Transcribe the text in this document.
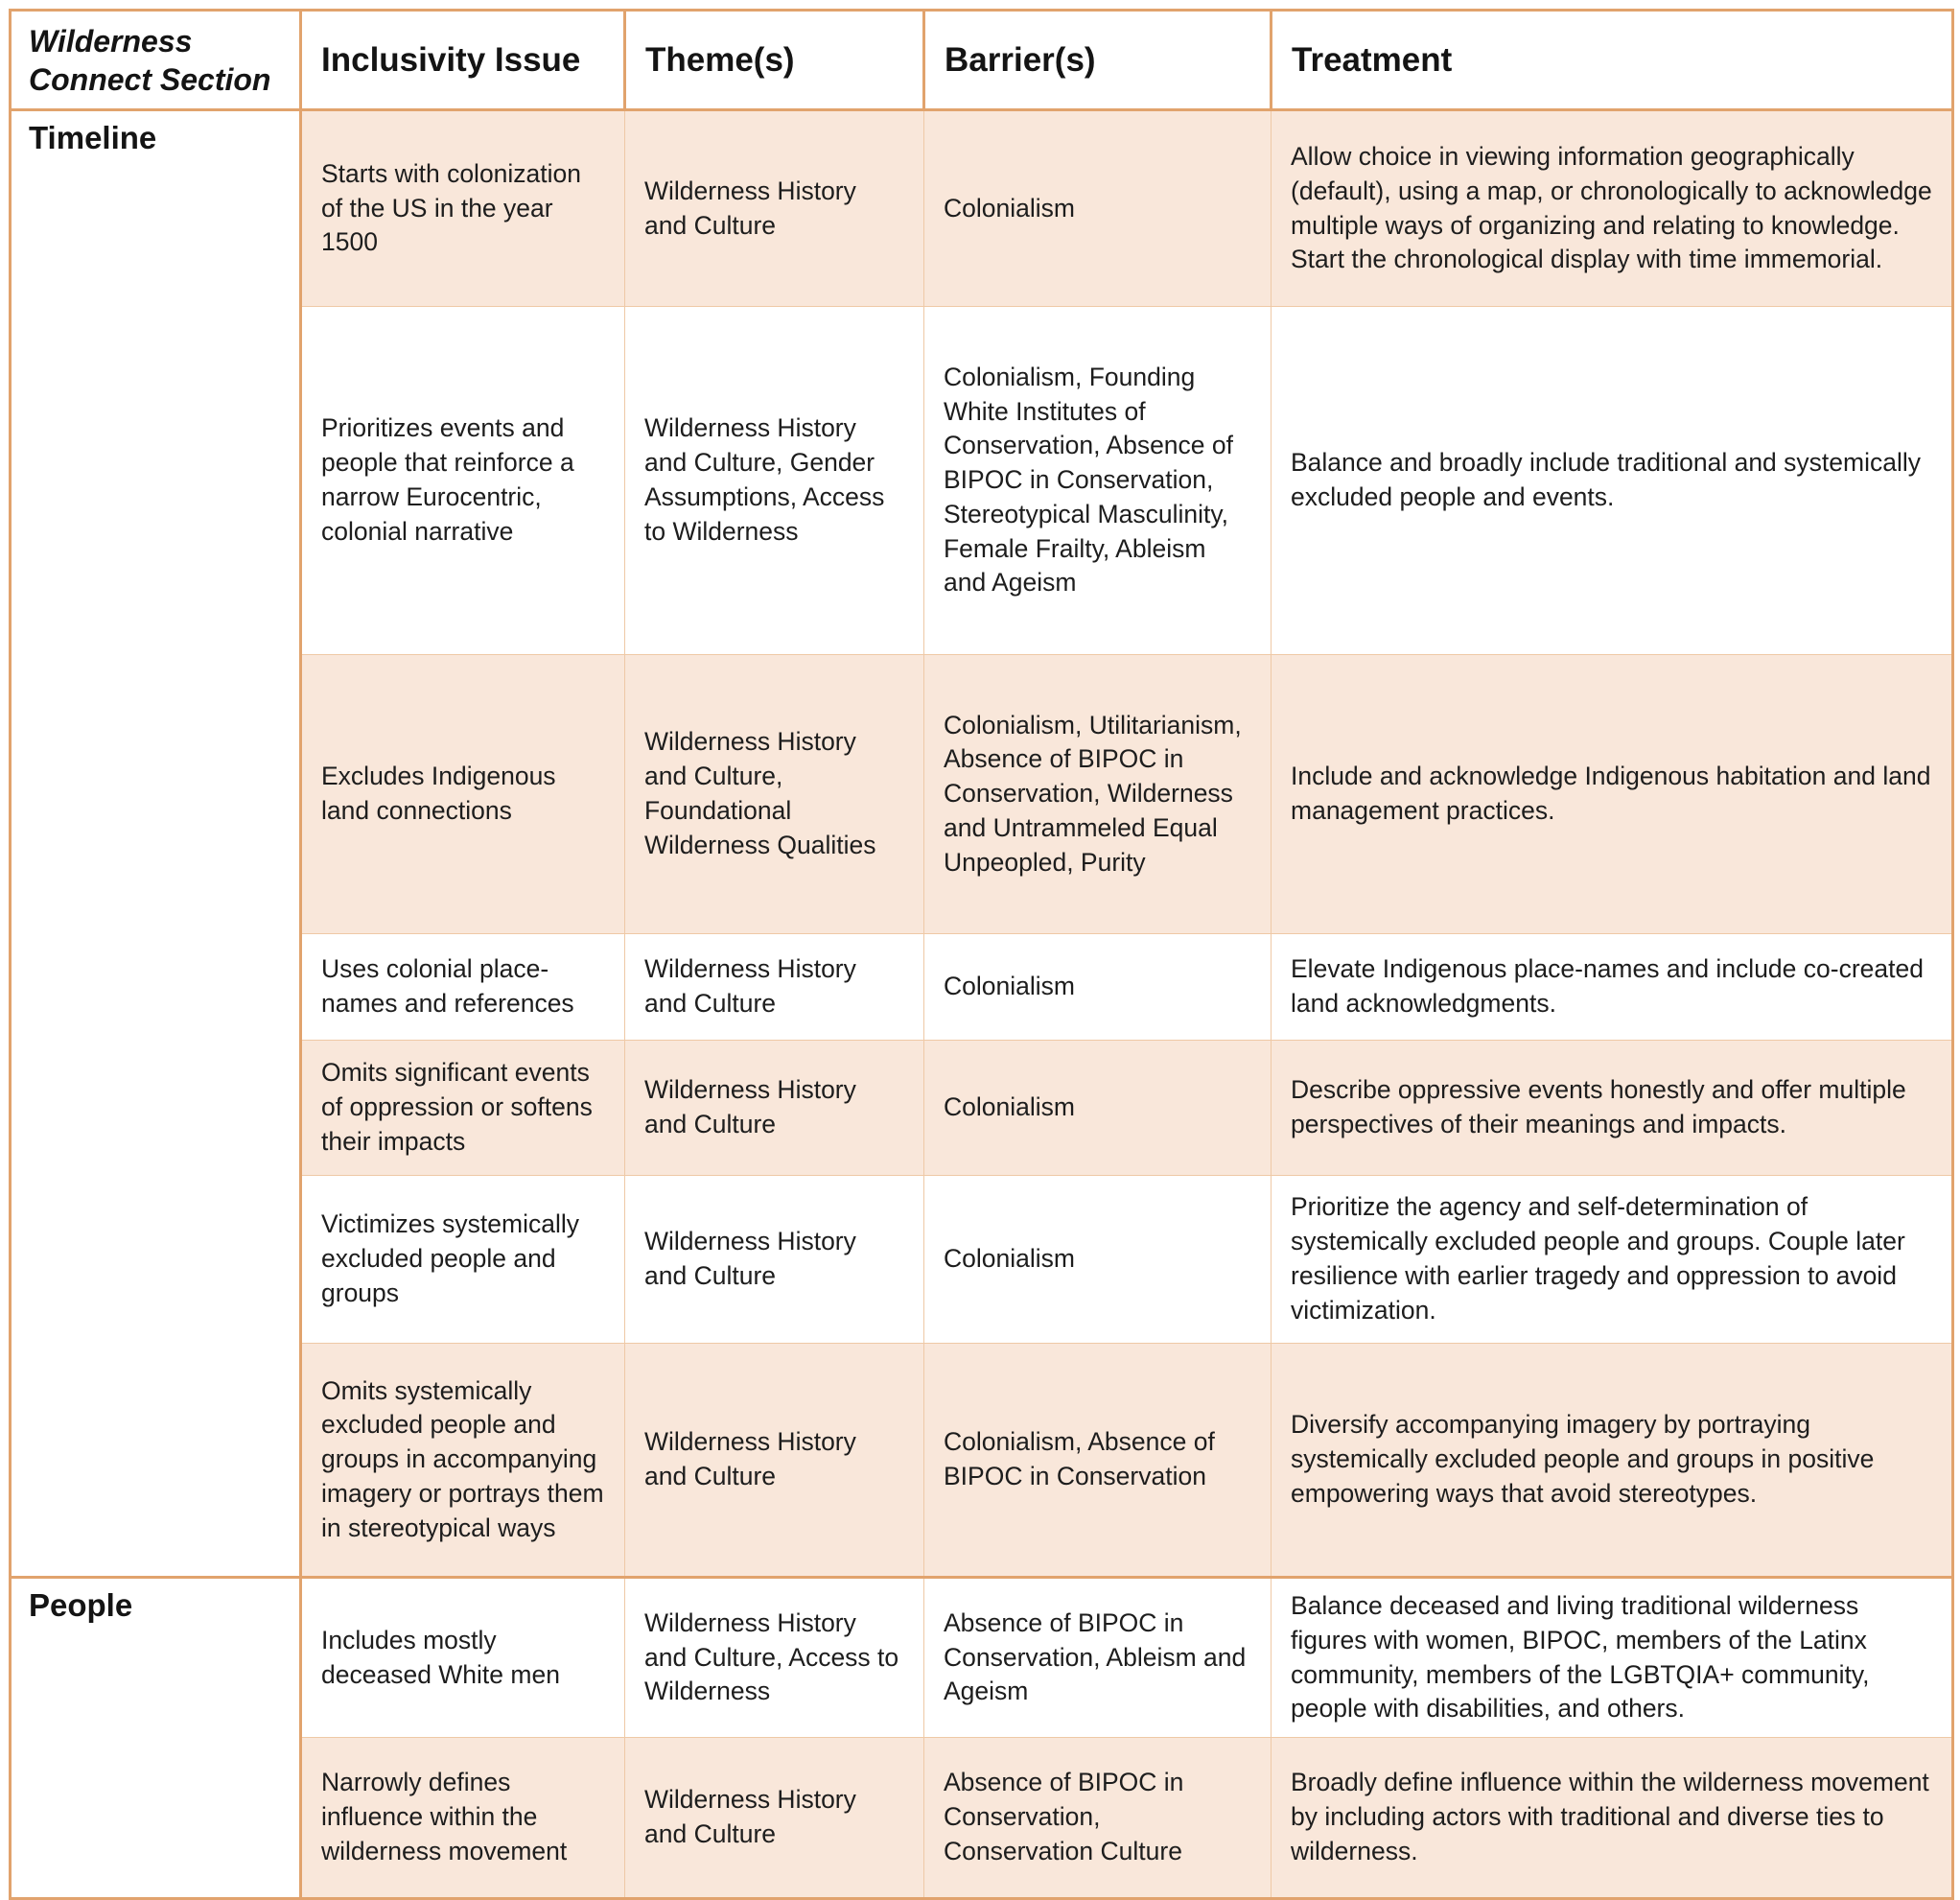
Wilderness Connect Section	Inclusivity Issue	Theme(s)	Barrier(s)	Treatment
Timeline	Starts with colonization of the US in the year 1500	Wilderness History and Culture	Colonialism	Allow choice in viewing information geographically (default), using a map, or chronologically to acknowledge multiple ways of organizing and relating to knowledge. Start the chronological display with time immemorial.
	Prioritizes events and people that reinforce a narrow Eurocentric, colonial narrative	Wilderness History and Culture, Gender Assumptions, Access to Wilderness	Colonialism, Founding White Institutes of Conservation, Absence of BIPOC in Conservation, Stereotypical Masculinity, Female Frailty, Ableism and Ageism	Balance and broadly include traditional and systemically excluded people and events.
	Excludes Indigenous land connections	Wilderness History and Culture, Foundational Wilderness Qualities	Colonialism, Utilitarianism, Absence of BIPOC in Conservation, Wilderness and Untrammeled Equal Unpeopled, Purity	Include and acknowledge Indigenous habitation and land management practices.
	Uses colonial place-names and references	Wilderness History and Culture	Colonialism	Elevate Indigenous place-names and include co-created land acknowledgments.
	Omits significant events of oppression or softens their impacts	Wilderness History and Culture	Colonialism	Describe oppressive events honestly and offer multiple perspectives of their meanings and impacts.
	Victimizes systemically excluded people and groups	Wilderness History and Culture	Colonialism	Prioritize the agency and self-determination of systemically excluded people and groups. Couple later resilience with earlier tragedy and oppression to avoid victimization.
	Omits systemically excluded people and groups in accompanying imagery or portrays them in stereotypical ways	Wilderness History and Culture	Colonialism, Absence of BIPOC in Conservation	Diversify accompanying imagery by portraying systemically excluded people and groups in positive empowering ways that avoid stereotypes.
People	Includes mostly deceased White men	Wilderness History and Culture, Access to Wilderness	Absence of BIPOC in Conservation, Ableism and Ageism	Balance deceased and living traditional wilderness figures with women, BIPOC, members of the Latinx community, members of the LGBTQIA+ community, people with disabilities, and others.
	Narrowly defines influence within the wilderness movement	Wilderness History and Culture	Absence of BIPOC in Conservation, Conservation Culture	Broadly define influence within the wilderness movement by including actors with traditional and diverse ties to wilderness.
